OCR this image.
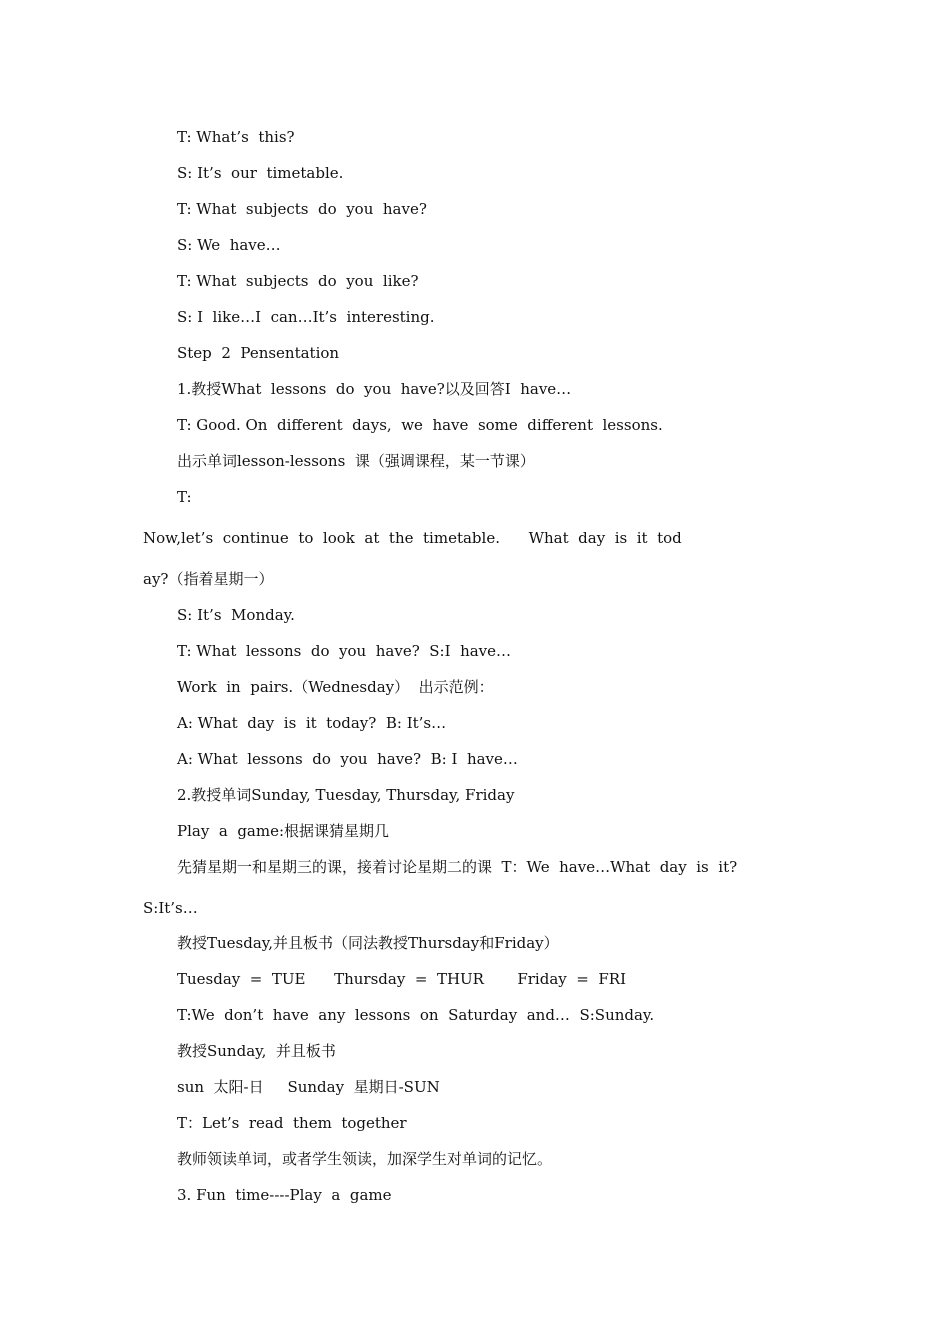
T: What’s  this?
S: It’s  our  timetable.
T: What  subjects  do  you  have?
S: We  have…
T: What  subjects  do  you  like?
S: I  like…I  can…It’s  interesting.
Step  2  Pensentation
1.教授What  lessons  do  you  have?以及回答I  have…
T: Good. On  different  days,  we  have  some  different  lessons.
出示单词lesson-lessons  课（强调课程，某一节课）
T:
Now,let’s  continue  to  look  at  the  timetable.      What  day  is  it  tod
ay?（指着星期一）
S: It’s  Monday.
T: What  lessons  do  you  have?  S:I  have…
Work  in  pairs.（Wednesday）  出示范例：
A: What  day  is  it  today?  B: It’s…
A: What  lessons  do  you  have?  B: I  have…
2.教授单词Sunday, Tuesday, Thursday, Friday
Play  a  game:根据课猜星期几
先猜星期一和星期三的课，接着讨论星期二的课  T：We  have…What  day  is  it?
S:It’s…
教授Tuesday,并且板书（同法教授Thursday和Friday）
Tuesday  =  TUE      Thursday  =  THUR       Friday  =  FRI
T:We  don’t  have  any  lessons  on  Saturday  and…  S:Sunday.
教授Sunday,  并且板书
sun  太阳-日     Sunday  星期日-SUN
T：Let’s  read  them  together
教师领读单词，或者学生领读，加深学生对单词的记忆。
3. Fun  time----Play  a  game
